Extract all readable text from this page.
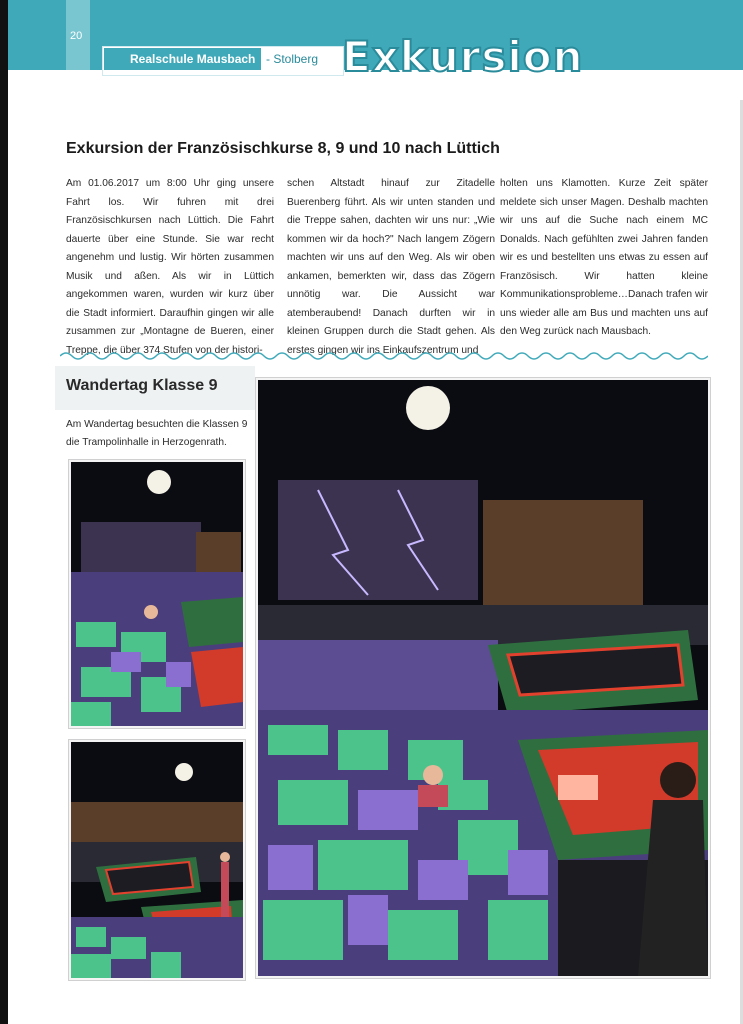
20
Realschule Mausbach - Stolberg Exkursion
Exkursion der Französischkurse 8, 9 und 10 nach Lüttich

Am 01.06.2017 um 8:00 Uhr ging unsere Fahrt los. Wir fuhren mit drei Französischkursen nach Lüttich. Die Fahrt dauerte über eine Stunde. Sie war recht angenehm und lustig. Wir hörten zusammen Musik und aßen. Als wir in Lüttich angekommen waren, wurden wir kurz über die Stadt informiert. Daraufhin gingen wir alle zusammen zur „Montagne de Bueren, einer Treppe, die über 374 Stufen von der histori-

schen Altstadt hinauf zur Zitadelle Buerenberg führt. Als wir unten standen und die Treppe sahen, dachten wir uns nur: „Wie kommen wir da hoch?" Nach langem Zögern machten wir uns auf den Weg. Als wir oben ankamen, bemerkten wir, dass das Zögern unnötig war. Die Aussicht war atemberaubend! Danach durften wir in kleinen Gruppen durch die Stadt gehen. Als erstes gingen wir ins Einkaufszentrum und

holten uns Klamotten. Kurze Zeit später meldete sich unser Magen. Deshalb machten wir uns auf die Suche nach einem MC Donalds. Nach gefühlten zwei Jahren fanden wir es und bestellten uns etwas zu essen auf Französisch. Wir hatten kleine Kommunikationsprobleme…Danach trafen wir uns wieder alle am Bus und machten uns auf den Weg zurück nach Mausbach.

Wandertag Klasse 9

Am Wandertag besuchten die Klassen 9 die Trampolinhalle in Herzogenrath.
